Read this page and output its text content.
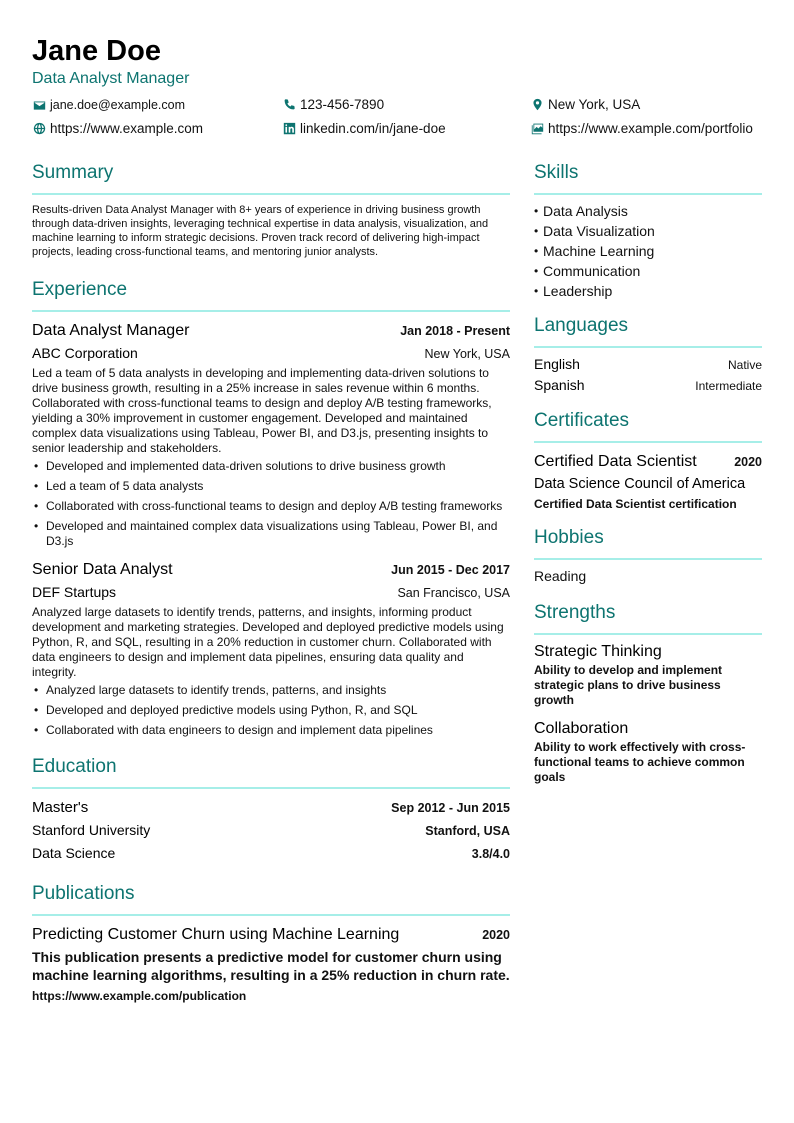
Jane Doe
Data Analyst Manager
jane.doe@example.com	123-456-7890	New York, USA
https://www.example.com	linkedin.com/in/jane-doe	https://www.example.com/portfolio
Summary

Results-driven Data Analyst Manager with 8+ years of experience in driving business growth through data-driven insights, leveraging technical expertise in data analysis, visualization, and machine learning to inform strategic decisions. Proven track record of delivering high-impact projects, leading cross-functional teams, and mentoring junior analysts.

Experience
Data Analyst Manager	Jan 2018 - Present
ABC Corporation	New York, USA

Led a team of 5 data analysts in developing and implementing data-driven solutions to drive business growth, resulting in a 25% increase in sales revenue within 6 months. Collaborated with cross-functional teams to design and deploy A/B testing frameworks, yielding a 30% improvement in customer engagement. Developed and maintained complex data visualizations using Tableau, Power BI, and D3.js, presenting insights to senior leadership and stakeholders.

• Developed and implemented data-driven solutions to drive business growth
• Led a team of 5 data analysts
• Collaborated with cross-functional teams to design and deploy A/B testing frameworks
• Developed and maintained complex data visualizations using Tableau, Power BI, and D3.js
Senior Data Analyst	Jun 2015 - Dec 2017
DEF Startups	San Francisco, USA

Analyzed large datasets to identify trends, patterns, and insights, informing product development and marketing strategies. Developed and deployed predictive models using Python, R, and SQL, resulting in a 20% reduction in customer churn. Collaborated with data engineers to design and implement data pipelines, ensuring data quality and integrity.

• Analyzed large datasets to identify trends, patterns, and insights
• Developed and deployed predictive models using Python, R, and SQL
• Collaborated with data engineers to design and implement data pipelines
Education
Master's	Sep 2012 - Jun 2015
Stanford University	Stanford, USA
Data Science	3.8/4.0
Publications
Predicting Customer Churn using Machine Learning	2020

This publication presents a predictive model for customer churn using machine learning algorithms, resulting in a 25% reduction in churn rate.

https://www.example.com/publication
Skills
• Data Analysis
• Data Visualization
• Machine Learning
• Communication
• Leadership
Languages
English	Native
Spanish	Intermediate
Certificates
Certified Data Scientist	2020
Data Science Council of America
Certified Data Scientist certification
Hobbies
Reading
Strengths
Strategic Thinking
Ability to develop and implement strategic plans to drive business growth
Collaboration
Ability to work effectively with cross-functional teams to achieve common goals
